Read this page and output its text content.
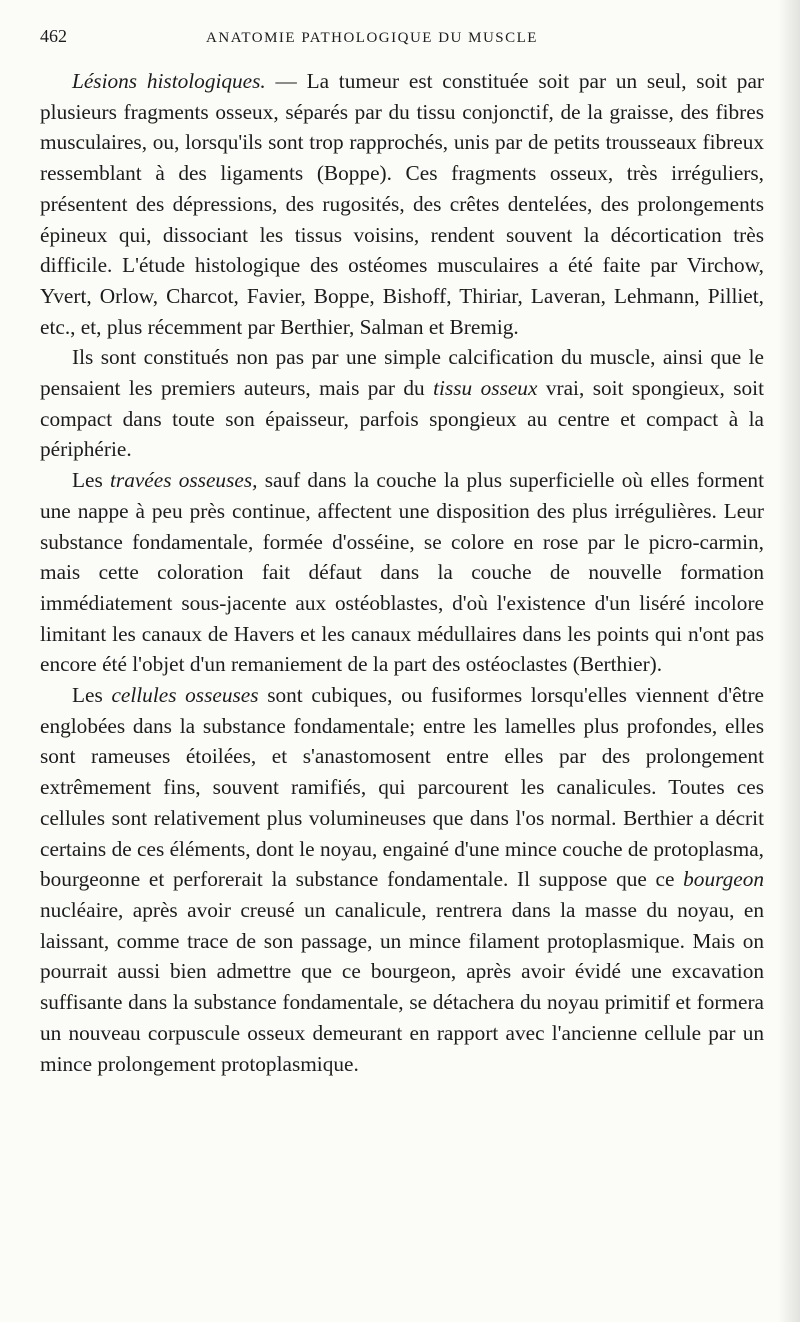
462	ANATOMIE PATHOLOGIQUE DU MUSCLE

Lésions histologiques. — La tumeur est constituée soit par un seul, soit par plusieurs fragments osseux, séparés par du tissu conjonctif, de la graisse, des fibres musculaires, ou, lorsqu'ils sont trop rapprochés, unis par de petits trousseaux fibreux ressemblant à des ligaments (Boppe). Ces fragments osseux, très irréguliers, présentent des dépressions, des rugosités, des crêtes dentelées, des prolongements épineux qui, dissociant les tissus voisins, rendent souvent la décortication très difficile. L'étude histologique des ostéomes musculaires a été faite par Virchow, Yvert, Orlow, Charcot, Favier, Boppe, Bishoff, Thiriar, Laveran, Lehmann, Pilliet, etc., et, plus récemment par Berthier, Salman et Bremig.

Ils sont constitués non pas par une simple calcification du muscle, ainsi que le pensaient les premiers auteurs, mais par du tissu osseux vrai, soit spongieux, soit compact dans toute son épaisseur, parfois spongieux au centre et compact à la périphérie.

Les travées osseuses, sauf dans la couche la plus superficielle où elles forment une nappe à peu près continue, affectent une disposition des plus irrégulières. Leur substance fondamentale, formée d'osséine, se colore en rose par le picro-carmin, mais cette coloration fait défaut dans la couche de nouvelle formation immédiatement sous-jacente aux ostéoblastes, d'où l'existence d'un liséré incolore limitant les canaux de Havers et les canaux médullaires dans les points qui n'ont pas encore été l'objet d'un remaniement de la part des ostéoclastes (Berthier).

Les cellules osseuses sont cubiques, ou fusiformes lorsqu'elles viennent d'être englobées dans la substance fondamentale; entre les lamelles plus profondes, elles sont rameuses étoilées, et s'anastomosent entre elles par des prolongement extrêmement fins, souvent ramifiés, qui parcourent les canalicules. Toutes ces cellules sont relativement plus volumineuses que dans l'os normal. Berthier a décrit certains de ces éléments, dont le noyau, engainé d'une mince couche de protoplasma, bourgeonne et perforerait la substance fondamentale. Il suppose que ce bourgeon nucléaire, après avoir creusé un canalicule, rentrera dans la masse du noyau, en laissant, comme trace de son passage, un mince filament protoplasmique. Mais on pourrait aussi bien admettre que ce bourgeon, après avoir évidé une excavation suffisante dans la substance fondamentale, se détachera du noyau primitif et formera un nouveau corpuscule osseux demeurant en rapport avec l'ancienne cellule par un mince prolongement protoplasmique.
